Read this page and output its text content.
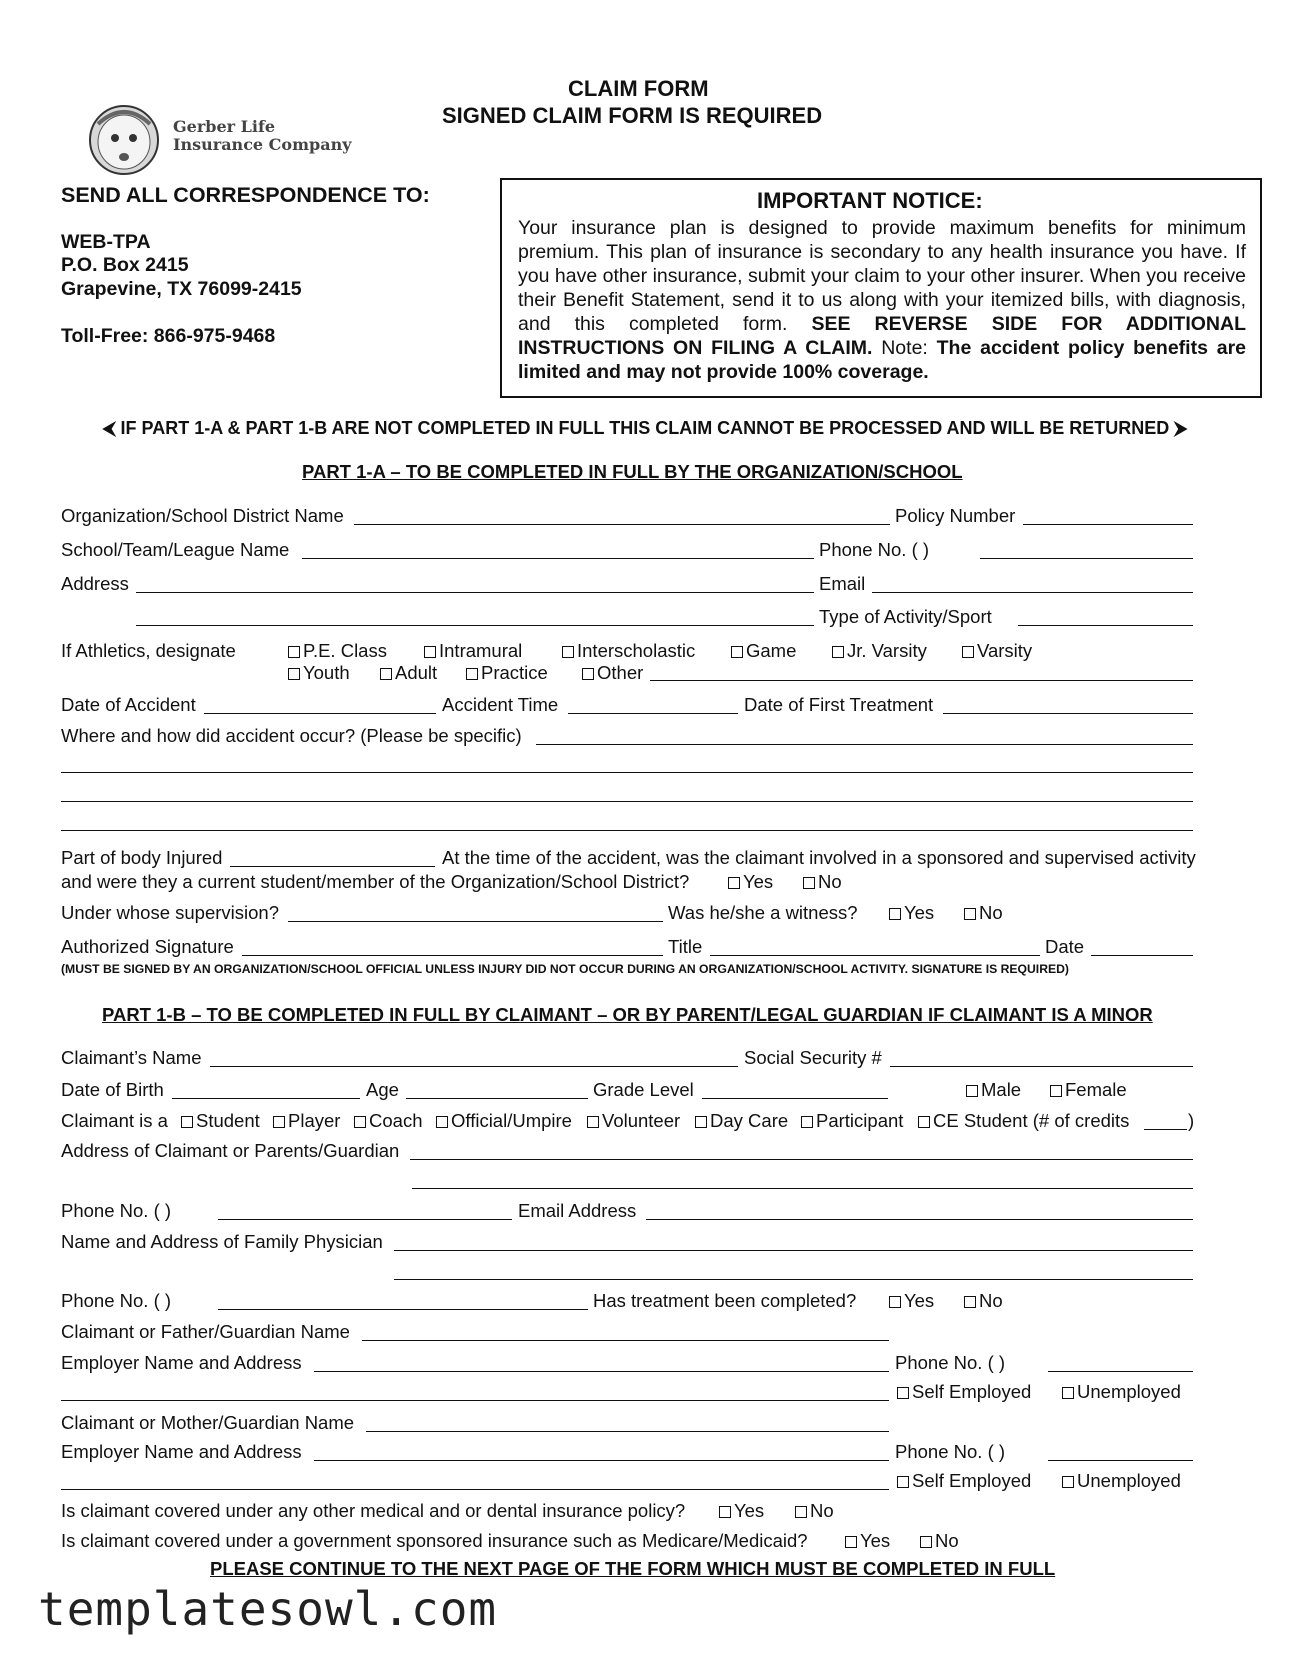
Gerber Life
Insurance Company
CLAIM FORM
SIGNED CLAIM FORM IS REQUIRED
SEND ALL CORRESPONDENCE TO:
WEB-TPA
P.O. Box 2415
Grapevine, TX 76099-2415
Toll-Free: 866-975-9468
IMPORTANT NOTICE:
Your insurance plan is designed to provide maximum benefits for minimum premium. This plan of insurance is secondary to any health insurance you have. If you have other insurance, submit your claim to your other insurer. When you receive their Benefit Statement, send it to us along with your itemized bills, with diagnosis, and this completed form. SEE REVERSE SIDE FOR ADDITIONAL INSTRUCTIONS ON FILING A CLAIM. Note: The accident policy benefits are limited and may not provide 100% coverage.
⮜ IF PART 1-A & PART 1-B ARE NOT COMPLETED IN FULL THIS CLAIM CANNOT BE PROCESSED AND WILL BE RETURNED ⮞
PART 1-A – TO BE COMPLETED IN FULL BY THE ORGANIZATION/SCHOOL
Organization/School District Name	Policy Number
School/Team/League Name	Phone No. ( )
Address	Email
Type of Activity/Sport
If Athletics, designate	P.E. Class	Intramural	Interscholastic	Game	Jr. Varsity	Varsity
Youth	Adult	Practice	Other
Date of Accident	Accident Time	Date of First Treatment
Where and how did accident occur? (Please be specific)
Part of body Injured	At the time of the accident, was the claimant involved in a sponsored and supervised activity
and were they a current student/member of the Organization/School District?	Yes	No
Under whose supervision?	Was he/she a witness?	Yes	No
Authorized Signature	Title	Date
(MUST BE SIGNED BY AN ORGANIZATION/SCHOOL OFFICIAL UNLESS INJURY DID NOT OCCUR DURING AN ORGANIZATION/SCHOOL ACTIVITY. SIGNATURE IS REQUIRED)
PART 1-B – TO BE COMPLETED IN FULL BY CLAIMANT – OR BY PARENT/LEGAL GUARDIAN IF CLAIMANT IS A MINOR
Claimant’s Name	Social Security #
Date of Birth	Age	Grade Level	Male	Female
Claimant is a	Student	Player	Coach	Official/Umpire	Volunteer	Day Care	Participant	CE Student (# of credits	)
Address of Claimant or Parents/Guardian
Phone No. ( )	Email Address
Name and Address of Family Physician
Phone No. ( )	Has treatment been completed?	Yes	No
Claimant or Father/Guardian Name
Employer Name and Address	Phone No. ( )
Self Employed	Unemployed
Claimant or Mother/Guardian Name
Employer Name and Address	Phone No. ( )
Self Employed	Unemployed
Is claimant covered under any other medical and or dental insurance policy?	Yes	No
Is claimant covered under a government sponsored insurance such as Medicare/Medicaid?	Yes	No
PLEASE CONTINUE TO THE NEXT PAGE OF THE FORM WHICH MUST BE COMPLETED IN FULL
templatesowl.com
